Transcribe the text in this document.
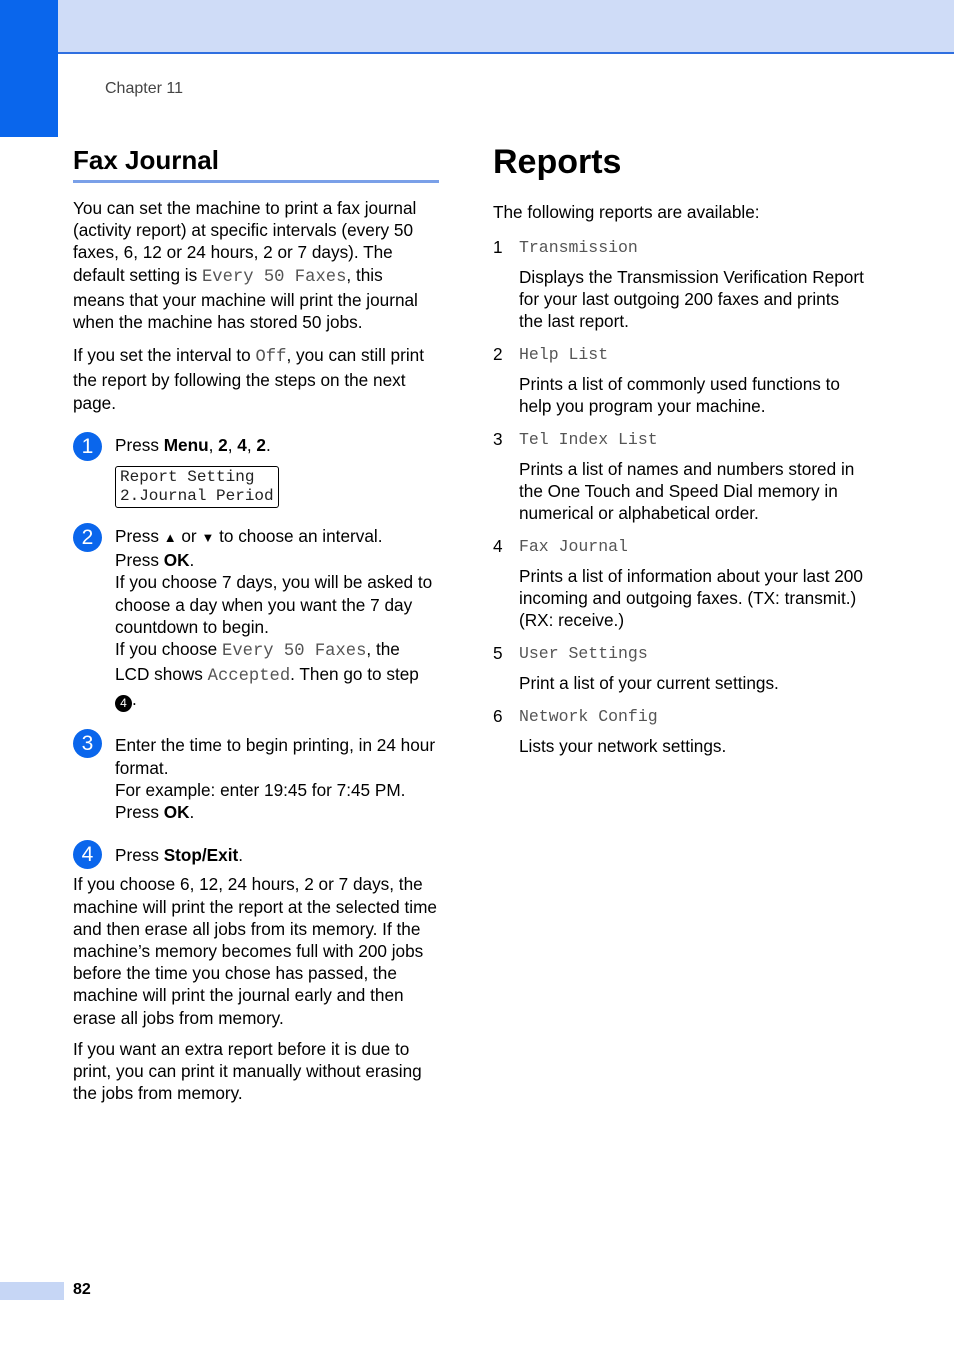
Chapter 11
Fax Journal

You can set the machine to print a fax journal (activity report) at specific intervals (every 50 faxes, 6, 12 or 24 hours, 2 or 7 days). The default setting is Every 50 Faxes, this means that your machine will print the journal when the machine has stored 50 jobs.

If you set the interval to Off, you can still print the report by following the steps on the next page.

1	Press Menu, 2, 4, 2.

Report Setting
2.Journal Period
2	Press ▲ or ▼ to choose an interval.

Press OK.

If you choose 7 days, you will be asked to choose a day when you want the 7 day countdown to begin.

If you choose Every 50 Faxes, the LCD shows Accepted. Then go to step 4 .

3	Enter the time to begin printing, in 24 hour format.

For example: enter 19:45 for 7:45 PM.

Press OK.

4	Press Stop/Exit.

If you choose 6, 12, 24 hours, 2 or 7 days, the machine will print the report at the selected time and then erase all jobs from its memory. If the machine’s memory becomes full with 200 jobs before the time you chose has passed, the machine will print the journal early and then erase all jobs from memory.

If you want an extra report before it is due to print, you can print it manually without erasing the jobs from memory.

Reports

The following reports are available:

1 Transmission

Displays the Transmission Verification Report for your last outgoing 200 faxes and prints the last report.

2 Help List

Prints a list of commonly used functions to help you program your machine.

3 Tel Index List

Prints a list of names and numbers stored in the One Touch and Speed Dial memory in numerical or alphabetical order.

4 Fax Journal

Prints a list of information about your last 200 incoming and outgoing faxes. (TX: transmit.) (RX: receive.)

5 User Settings

Print a list of your current settings.

6 Network Config

Lists your network settings.

82
